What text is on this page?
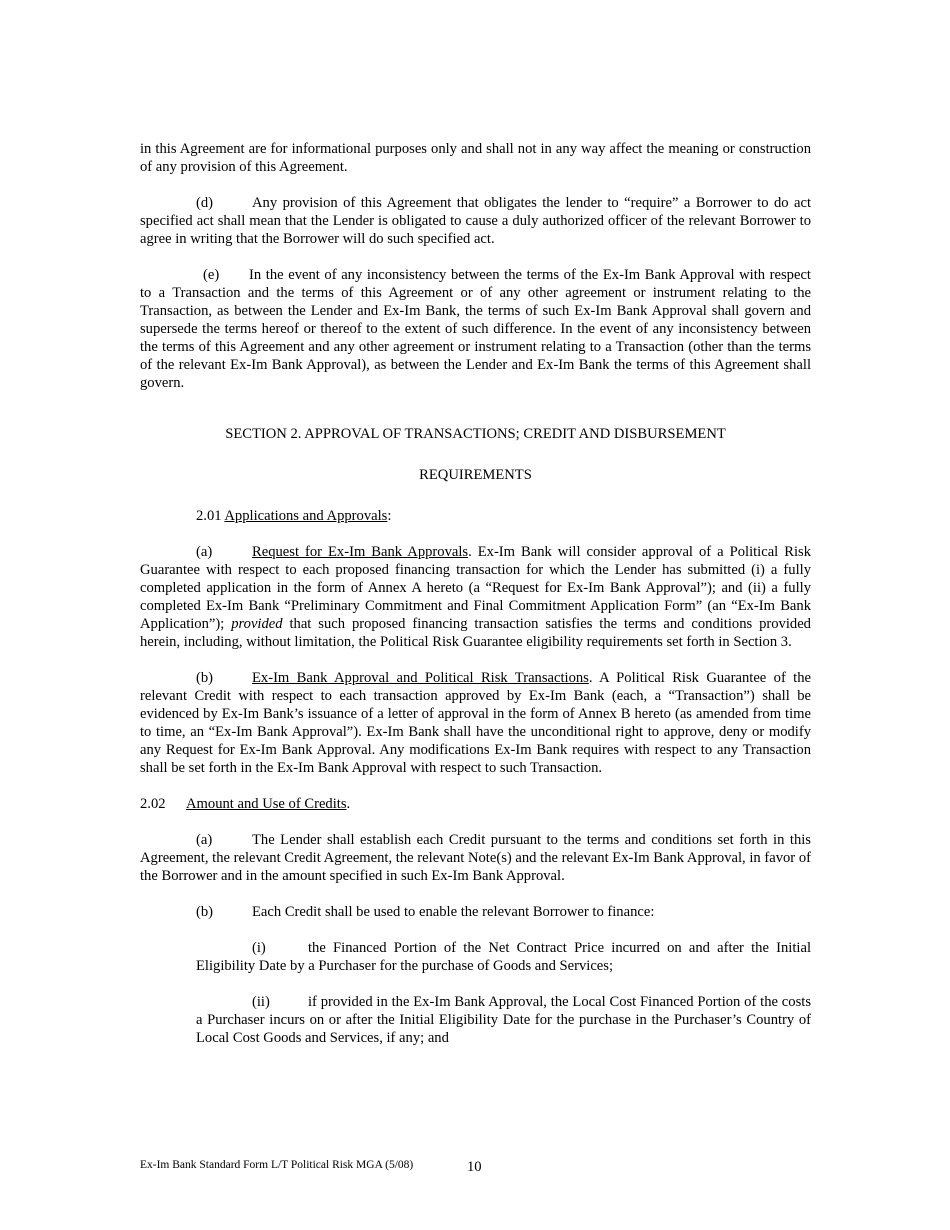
in this Agreement are for informational purposes only and shall not in any way affect the meaning or construction of any provision of this Agreement.

(d)	Any provision of this Agreement that obligates the lender to “require” a Borrower to do act specified act shall mean that the Lender is obligated to cause a duly authorized officer of the relevant Borrower to agree in writing that the Borrower will do such specified act.

(e) In the event of any inconsistency between the terms of the Ex-Im Bank Approval with respect to a Transaction and the terms of this Agreement or of any other agreement or instrument relating to the Transaction, as between the Lender and Ex-Im Bank, the terms of such Ex-Im Bank Approval shall govern and supersede the terms hereof or thereof to the extent of such difference. In the event of any inconsistency between the terms of this Agreement and any other agreement or instrument relating to a Transaction (other than the terms of the relevant Ex-Im Bank Approval), as between the Lender and Ex-Im Bank the terms of this Agreement shall govern.

SECTION 2. APPROVAL OF TRANSACTIONS; CREDIT AND DISBURSEMENT

REQUIREMENTS

2.01 Applications and Approvals:

(a)	Request for Ex-Im Bank Approvals. Ex-Im Bank will consider approval of a Political Risk Guarantee with respect to each proposed financing transaction for which the Lender has submitted (i) a fully completed application in the form of Annex A hereto (a “Request for Ex-Im Bank Approval”); and (ii) a fully completed Ex-Im Bank “Preliminary Commitment and Final Commitment Application Form” (an “Ex-Im Bank Application”); provided that such proposed financing transaction satisfies the terms and conditions provided herein, including, without limitation, the Political Risk Guarantee eligibility requirements set forth in Section 3.

(b)	Ex-Im Bank Approval and Political Risk Transactions. A Political Risk Guarantee of the relevant Credit with respect to each transaction approved by Ex-Im Bank (each, a “Transaction”) shall be evidenced by Ex-Im Bank’s issuance of a letter of approval in the form of Annex B hereto (as amended from time to time, an “Ex-Im Bank Approval”). Ex-Im Bank shall have the unconditional right to approve, deny or modify any Request for Ex-Im Bank Approval. Any modifications Ex-Im Bank requires with respect to any Transaction shall be set forth in the Ex-Im Bank Approval with respect to such Transaction.

2.02 Amount and Use of Credits.

(a)	The Lender shall establish each Credit pursuant to the terms and conditions set forth in this Agreement, the relevant Credit Agreement, the relevant Note(s) and the relevant Ex-Im Bank Approval, in favor of the Borrower and in the amount specified in such Ex-Im Bank Approval.

(b)	Each Credit shall be used to enable the relevant Borrower to finance:

(i)	the Financed Portion of the Net Contract Price incurred on and after the Initial Eligibility Date by a Purchaser for the purchase of Goods and Services;

(ii)	if provided in the Ex-Im Bank Approval, the Local Cost Financed Portion of the costs a Purchaser incurs on or after the Initial Eligibility Date for the purchase in the Purchaser’s Country of Local Cost Goods and Services, if any; and

Ex-Im Bank Standard Form L/T Political Risk MGA (5/08)	10
